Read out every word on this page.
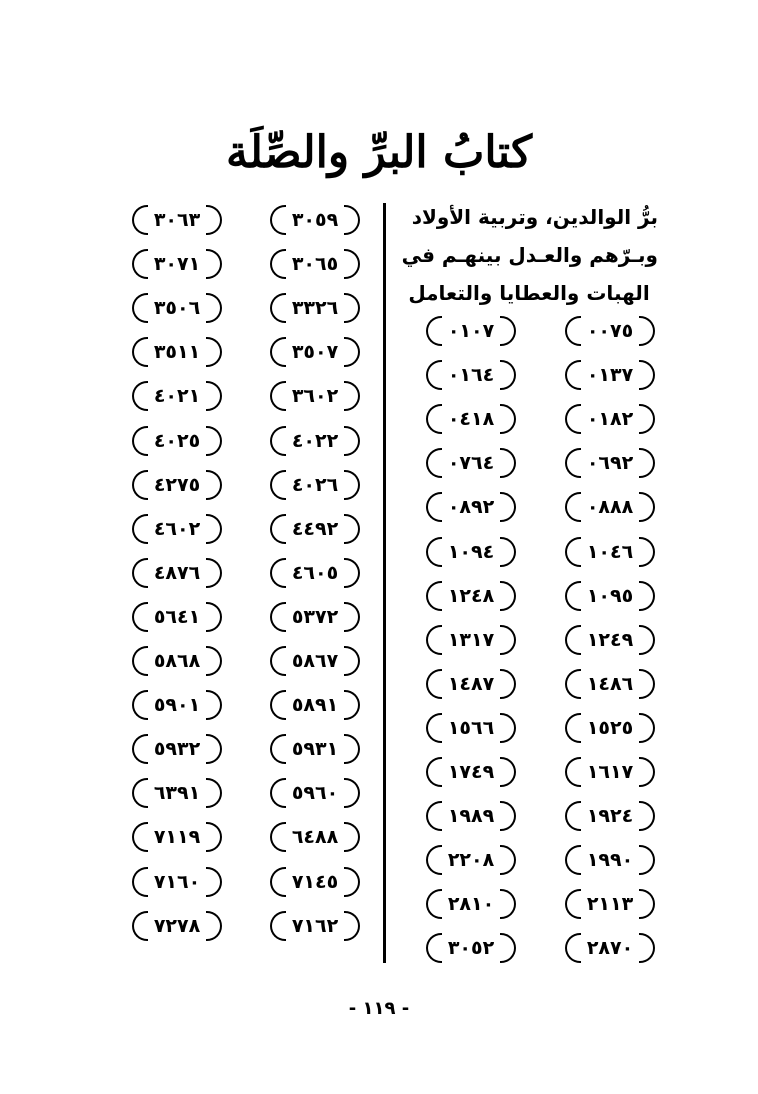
كتابُ البرِّ والصِّلَة
برُّ الوالدين، وتربية الأولاد
وبـرّهم والعـدل بينهـم في
الهبات والعطايا والتعامل
٠٠٧٥
٠١٣٧
٠١٨٢
٠٦٩٢
٠٨٨٨
١٠٤٦
١٠٩٥
١٢٤٩
١٤٨٦
١٥٢٥
١٦١٧
١٩٢٤
١٩٩٠
٢١١٣
٢٨٧٠
٠١٠٧
٠١٦٤
٠٤١٨
٠٧٦٤
٠٨٩٢
١٠٩٤
١٢٤٨
١٣١٧
١٤٨٧
١٥٦٦
١٧٤٩
١٩٨٩
٢٢٠٨
٢٨١٠
٣٠٥٢
٣٠٥٩
٣٠٦٥
٣٣٢٦
٣٥٠٧
٣٦٠٢
٤٠٢٢
٤٠٢٦
٤٤٩٢
٤٦٠٥
٥٣٧٢
٥٨٦٧
٥٨٩١
٥٩٣١
٥٩٦٠
٦٤٨٨
٧١٤٥
٧١٦٢
٣٠٦٣
٣٠٧١
٣٥٠٦
٣٥١١
٤٠٢١
٤٠٢٥
٤٢٧٥
٤٦٠٢
٤٨٧٦
٥٦٤١
٥٨٦٨
٥٩٠١
٥٩٣٢
٦٣٩١
٧١١٩
٧١٦٠
٧٢٧٨
- ١١٩ -
